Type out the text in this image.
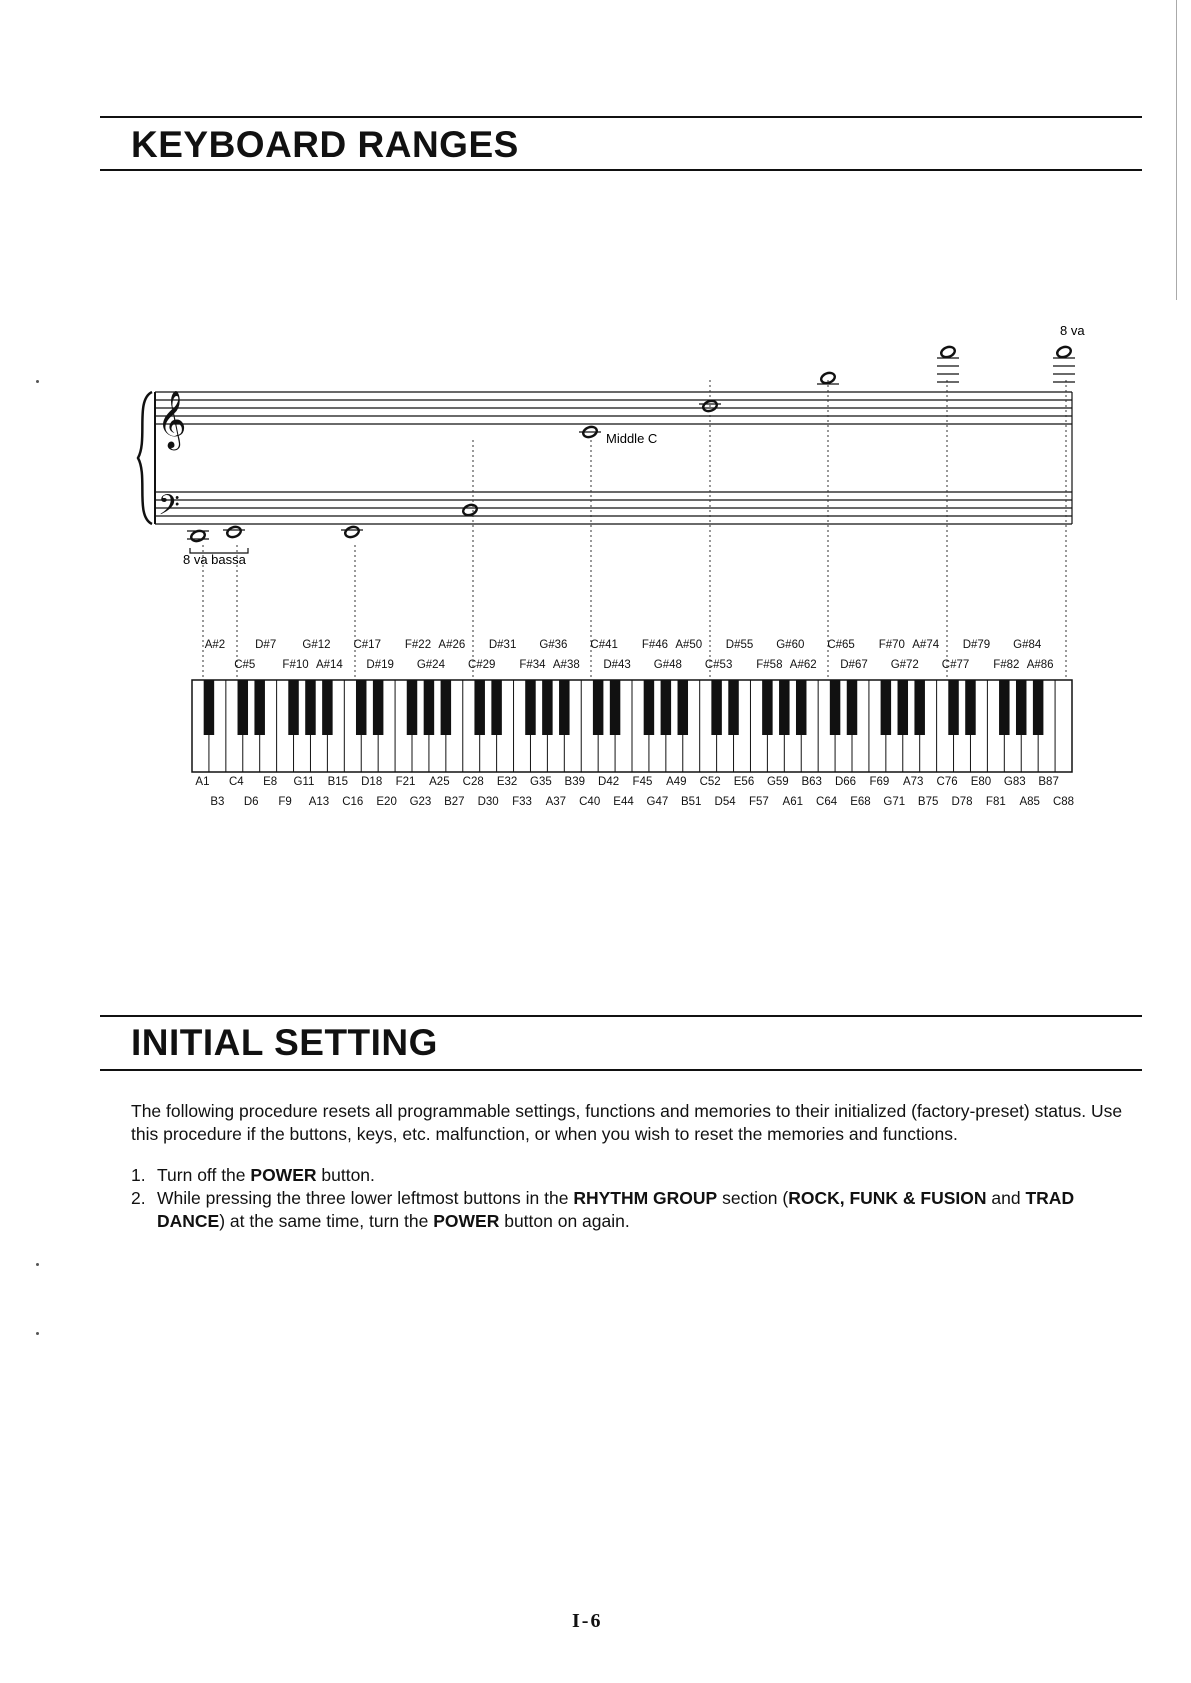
KEYBOARD RANGES
𝄞
𝄢
A#2	D#7 G#12 C#17 F#22 A#26 D#31 G#36 C#41 F#46 A#50 D#55 G#60 C#65 F#70 A#74 D#79 G#84
C#5 F#10 A#14 D#19 G#24 C#29 F#34 A#38 D#43 G#48 C#53 F#58 A#62 D#67 G#72 C#77 F#82 A#86
A1 C4 E8 G11 B15 D18 F21 A25 C28 E32 G35 B39 D42 F45 A49 C52 E56 G59 B63 D66 F69 A73 C76 E80 G83 B87
B3 D6 F9 A13 C16 E20 G23 B27 D30 F33 A37 C40 E44 G47 B51 D54 F57 A61 C64 E68 G71 B75 D78 F81 A85 C88
8 va
8 va bassa
Middle C
INITIAL SETTING

The following procedure resets all programmable settings, functions and memories to their initialized (factory-preset) status. Use this procedure if the buttons, keys, etc. malfunction, or when you wish to reset the memories and functions.

1. Turn off the POWER button.
2. While pressing the three lower leftmost buttons in the RHYTHM GROUP section (ROCK, FUNK & FUSION and TRAD DANCE) at the same time, turn the POWER button on again.
I-6
